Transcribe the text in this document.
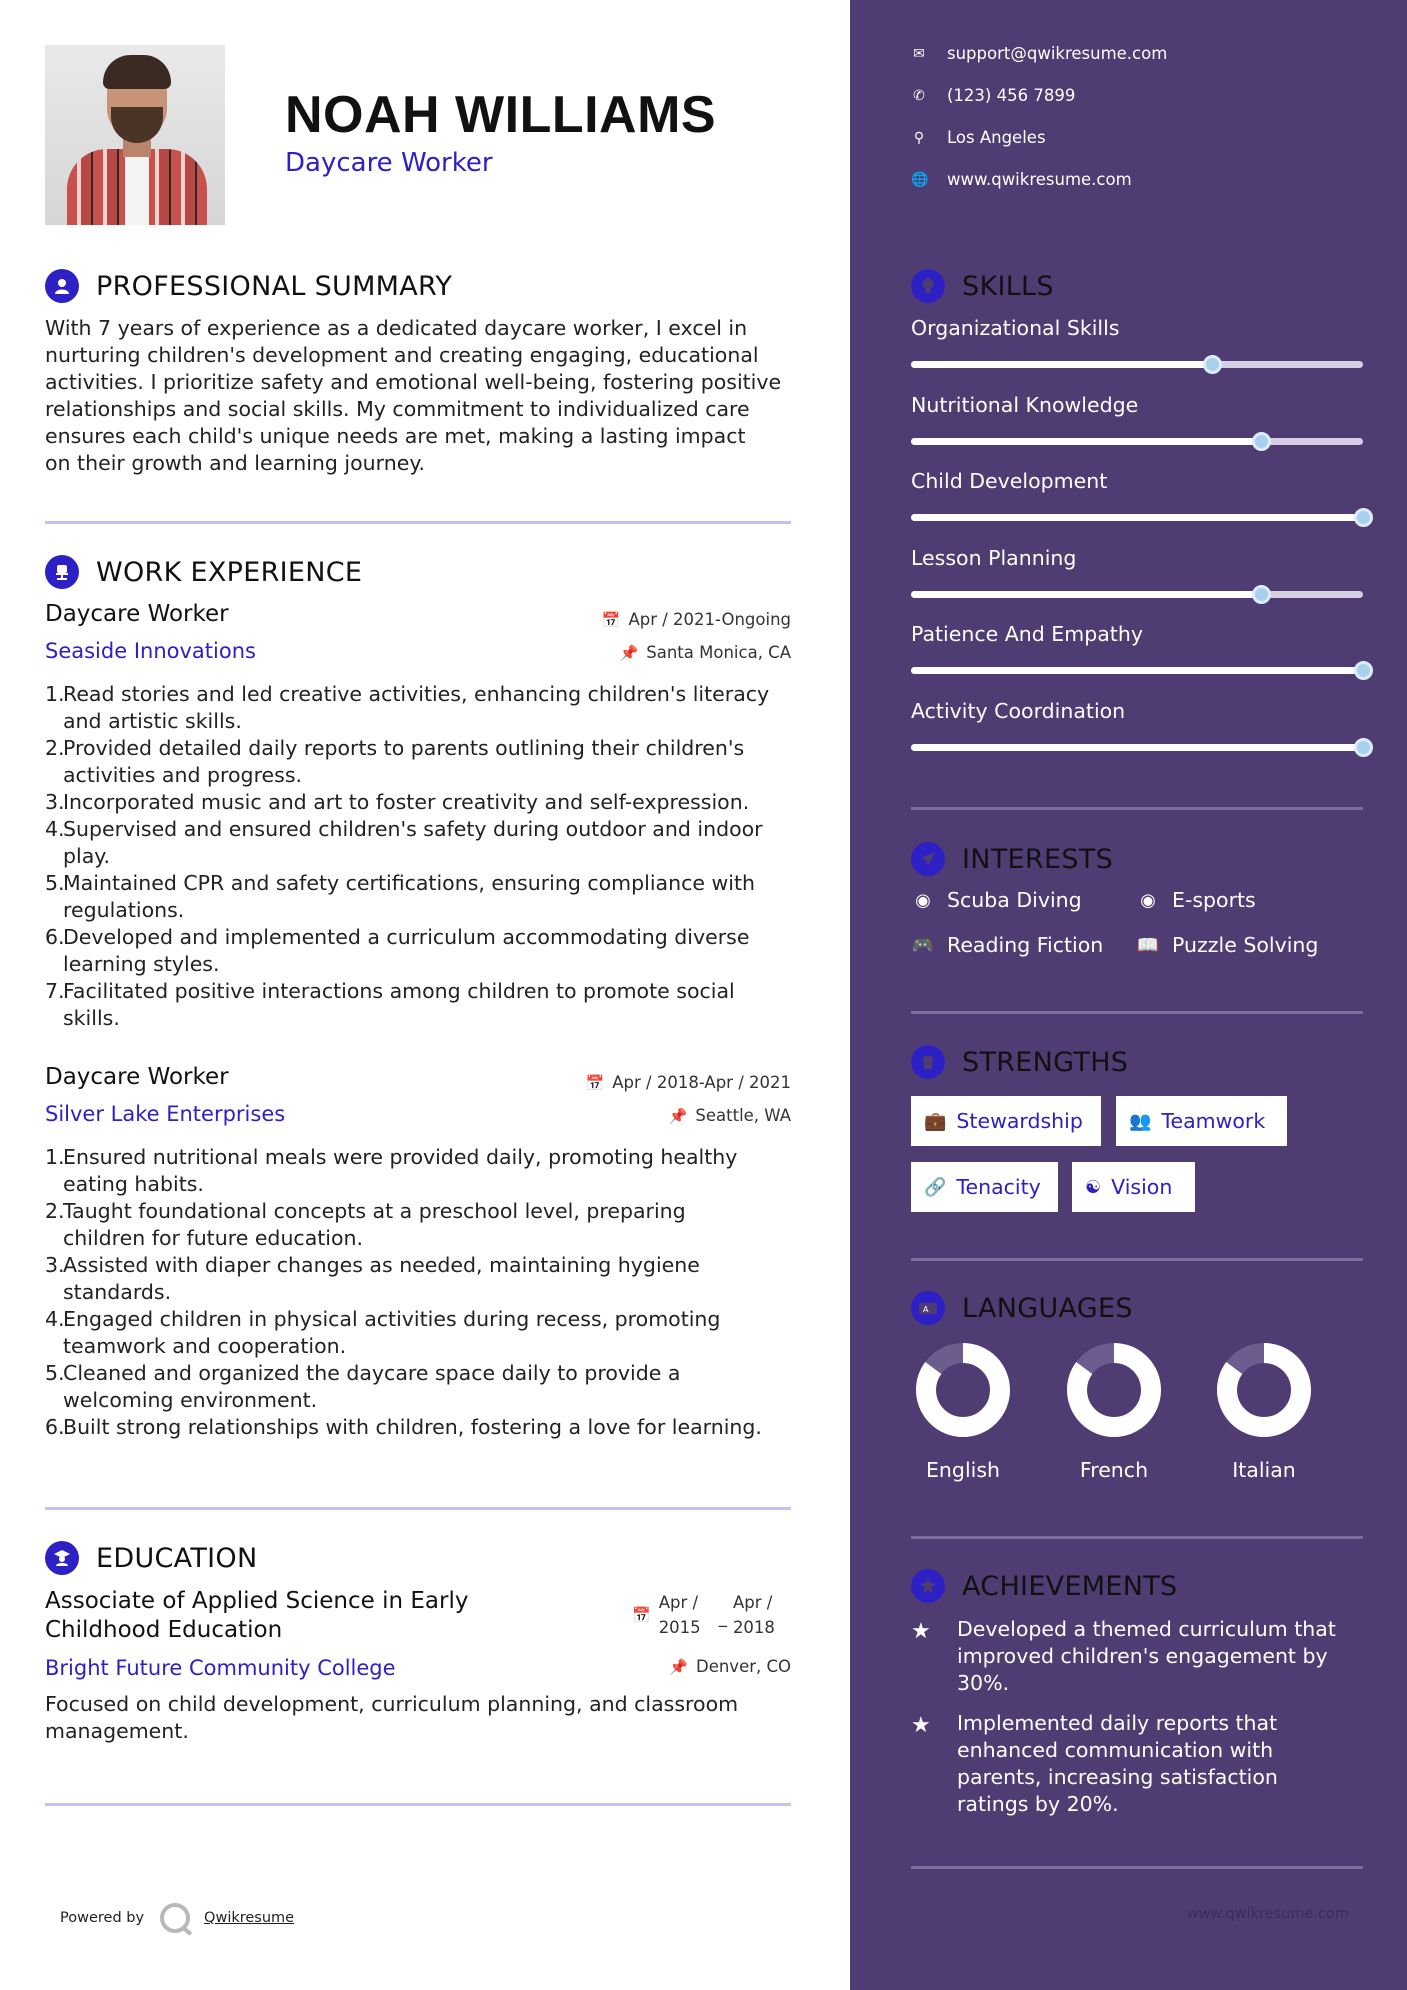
NOAH WILLIAMS
Daycare Worker
PROFESSIONAL SUMMARY
With 7 years of experience as a dedicated daycare worker, I excel in
nurturing children's development and creating engaging, educational
activities. I prioritize safety and emotional well-being, fostering positive
relationships and social skills. My commitment to individualized care
ensures each child's unique needs are met, making a lasting impact
on their growth and learning journey.
WORK EXPERIENCE
Daycare Worker
Seaside Innovations
📅 Apr / 2021-Ongoing
📌 Santa Monica, CA
1.
Read stories and led creative activities, enhancing children's literacy
and artistic skills.
2.
Provided detailed daily reports to parents outlining their children's
activities and progress.
3.
Incorporated music and art to foster creativity and self-expression.
4.
Supervised and ensured children's safety during outdoor and indoor
play.
5.
Maintained CPR and safety certifications, ensuring compliance with
regulations.
6.
Developed and implemented a curriculum accommodating diverse
learning styles.
7.
Facilitated positive interactions among children to promote social
skills.
Daycare Worker
Silver Lake Enterprises
📅 Apr / 2018-Apr / 2021
📌 Seattle, WA
1.
Ensured nutritional meals were provided daily, promoting healthy
eating habits.
2.
Taught foundational concepts at a preschool level, preparing
children for future education.
3.
Assisted with diaper changes as needed, maintaining hygiene
standards.
4.
Engaged children in physical activities during recess, promoting
teamwork and cooperation.
5.
Cleaned and organized the daycare space daily to provide a
welcoming environment.
6.
Built strong relationships with children, fostering a love for learning.
EDUCATION
Associate of Applied Science in Early
Childhood Education
Bright Future Community College
📅
Apr /
2015
_
Apr /
2018
📌 Denver, CO
Focused on child development, curriculum planning, and classroom
management.
Powered by	Qwikresume
✉ support@qwikresume.com
✆ (123) 456 7899
⚲ Los Angeles
🌐 www.qwikresume.com
SKILLS
Organizational Skills
Nutritional Knowledge
Child Development
Lesson Planning
Patience And Empathy
Activity Coordination
INTERESTS
◉ Scuba Diving	◉ E-sports
🎮 Reading Fiction 📖 Puzzle Solving
STRENGTHS
💼 Stewardship	👥 Teamwork
🔗 Tenacity ☯ Vision
A LANGUAGES
English	French	Italian
ACHIEVEMENTS
★ Developed a themed curriculum that
improved children's engagement by
30%.
★ Implemented daily reports that
enhanced communication with
parents, increasing satisfaction
ratings by 20%.
www.qwikresume.com
